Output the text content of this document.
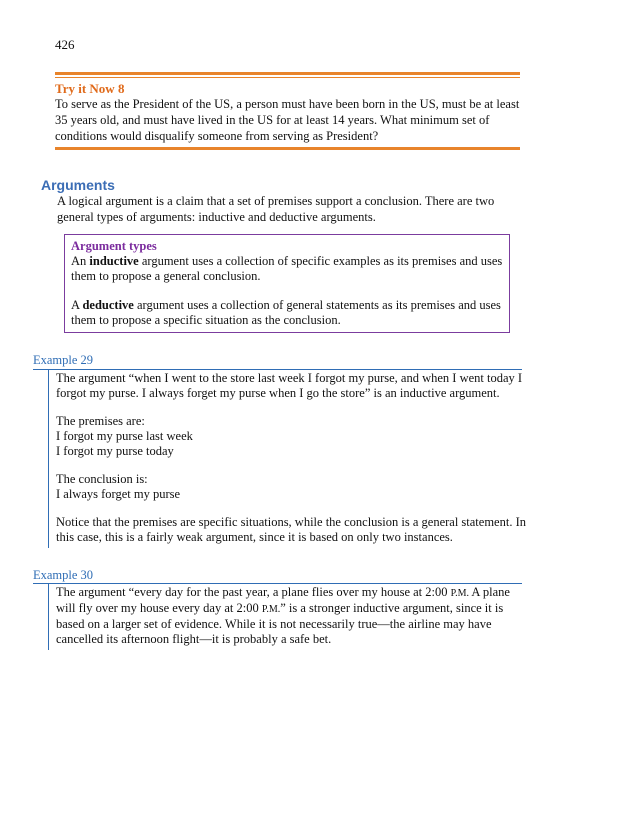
426
Try it Now 8
To serve as the President of the US, a person must have been born in the US, must be at least 35 years old, and must have lived in the US for at least 14 years. What minimum set of conditions would disqualify someone from serving as President?
Arguments
A logical argument is a claim that a set of premises support a conclusion. There are two general types of arguments: inductive and deductive arguments.
Argument types

An inductive argument uses a collection of specific examples as its premises and uses them to propose a general conclusion.

A deductive argument uses a collection of general statements as its premises and uses them to propose a specific situation as the conclusion.

Example 29

The argument “when I went to the store last week I forgot my purse, and when I went today I forgot my purse. I always forget my purse when I go the store” is an inductive argument.

The premises are:

I forgot my purse last week

I forgot my purse today

The conclusion is:

I always forget my purse

Notice that the premises are specific situations, while the conclusion is a general statement. In this case, this is a fairly weak argument, since it is based on only two instances.

Example 30

The argument “every day for the past year, a plane flies over my house at 2:00 P.M. A plane will fly over my house every day at 2:00 P.M.” is a stronger inductive argument, since it is based on a larger set of evidence. While it is not necessarily true—the airline may have cancelled its afternoon flight—it is probably a safe bet.
